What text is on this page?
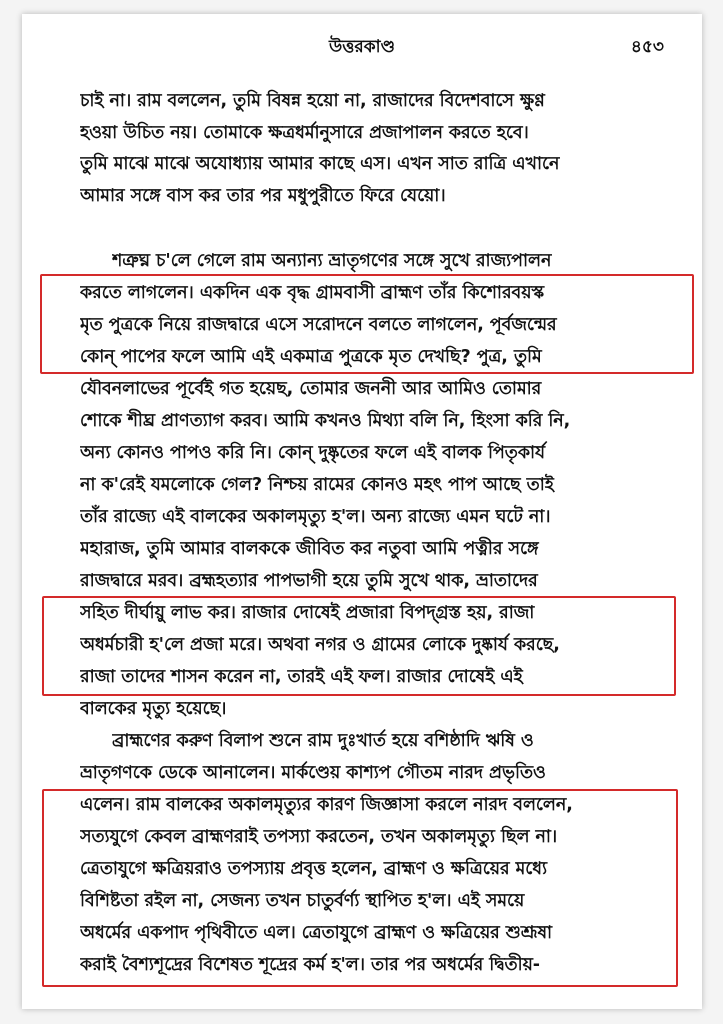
উত্তরকাণ্ড	৪৫৩
চাই না। রাম বললেন, তুমি বিষন্ন হয়ো না, রাজাদের বিদেশবাসে ক্ষুণ্ণ
হওয়া উচিত নয়। তোমাকে ক্ষত্রধর্মানুসারে প্রজাপালন করতে হবে।
তুমি মাঝে মাঝে অযোধ্যায় আমার কাছে এস। এখন সাত রাত্রি এখানে
আমার সঙ্গে বাস কর তার পর মধুপুরীতে ফিরে যেয়ো।
শত্রুঘ্ন চ'লে গেলে রাম অন্যান্য ভ্রাতৃগণের সঙ্গে সুখে রাজ্যপালন
করতে লাগলেন। একদিন এক বৃদ্ধ গ্রামবাসী ব্রাহ্মণ তাঁর কিশোরবয়স্ক
মৃত পুত্রকে নিয়ে রাজদ্বারে এসে সরোদনে বলতে লাগলেন, পূর্বজন্মের
কোন্ পাপের ফলে আমি এই একমাত্র পুত্রকে মৃত দেখছি? পুত্র, তুমি
যৌবনলাভের পূর্বেই গত হয়েছ, তোমার জননী আর আমিও তোমার
শোকে শীঘ্র প্রাণত্যাগ করব। আমি কখনও মিথ্যা বলি নি, হিংসা করি নি,
অন্য কোনও পাপও করি নি। কোন্ দুষ্কৃতের ফলে এই বালক পিতৃকার্য
না ক'রেই যমলোকে গেল? নিশ্চয় রামের কোনও মহৎ পাপ আছে তাই
তাঁর রাজ্যে এই বালকের অকালমৃত্যু হ'ল। অন্য রাজ্যে এমন ঘটে না।
মহারাজ, তুমি আমার বালককে জীবিত কর নতুবা আমি পত্নীর সঙ্গে
রাজদ্বারে মরব। ব্রহ্মহত্যার পাপভাগী হয়ে তুমি সুখে থাক, ভ্রাতাদের
সহিত দীর্ঘায়ু লাভ কর। রাজার দোষেই প্রজারা বিপদ্গ্রস্ত হয়, রাজা
অধর্মচারী হ'লে প্রজা মরে। অথবা নগর ও গ্রামের লোকে দুষ্কার্য করছে,
রাজা তাদের শাসন করেন না, তারই এই ফল। রাজার দোষেই এই
বালকের মৃত্যু হয়েছে।
ব্রাহ্মণের করুণ বিলাপ শুনে রাম দুঃখার্ত হয়ে বশিষ্ঠাদি ঋষি ও
ভ্রাতৃগণকে ডেকে আনালেন। মার্কণ্ডেয় কাশ্যপ গৌতম নারদ প্রভৃতিও
এলেন। রাম বালকের অকালমৃত্যুর কারণ জিজ্ঞাসা করলে নারদ বললেন,
সত্যযুগে কেবল ব্রাহ্মণরাই তপস্যা করতেন, তখন অকালমৃত্যু ছিল না।
ত্রেতাযুগে ক্ষত্রিয়রাও তপস্যায় প্রবৃত্ত হলেন, ব্রাহ্মণ ও ক্ষত্রিয়ের মধ্যে
বিশিষ্টতা রইল না, সেজন্য তখন চাতুর্বর্ণ্য স্থাপিত হ'ল। এই সময়ে
অধর্মের একপাদ পৃথিবীতে এল। ত্রেতাযুগে ব্রাহ্মণ ও ক্ষত্রিয়ের শুশ্রূষা
করাই বৈশ্যশূদ্রের বিশেষত শূদ্রের কর্ম হ'ল। তার পর অধর্মের দ্বিতীয়-
